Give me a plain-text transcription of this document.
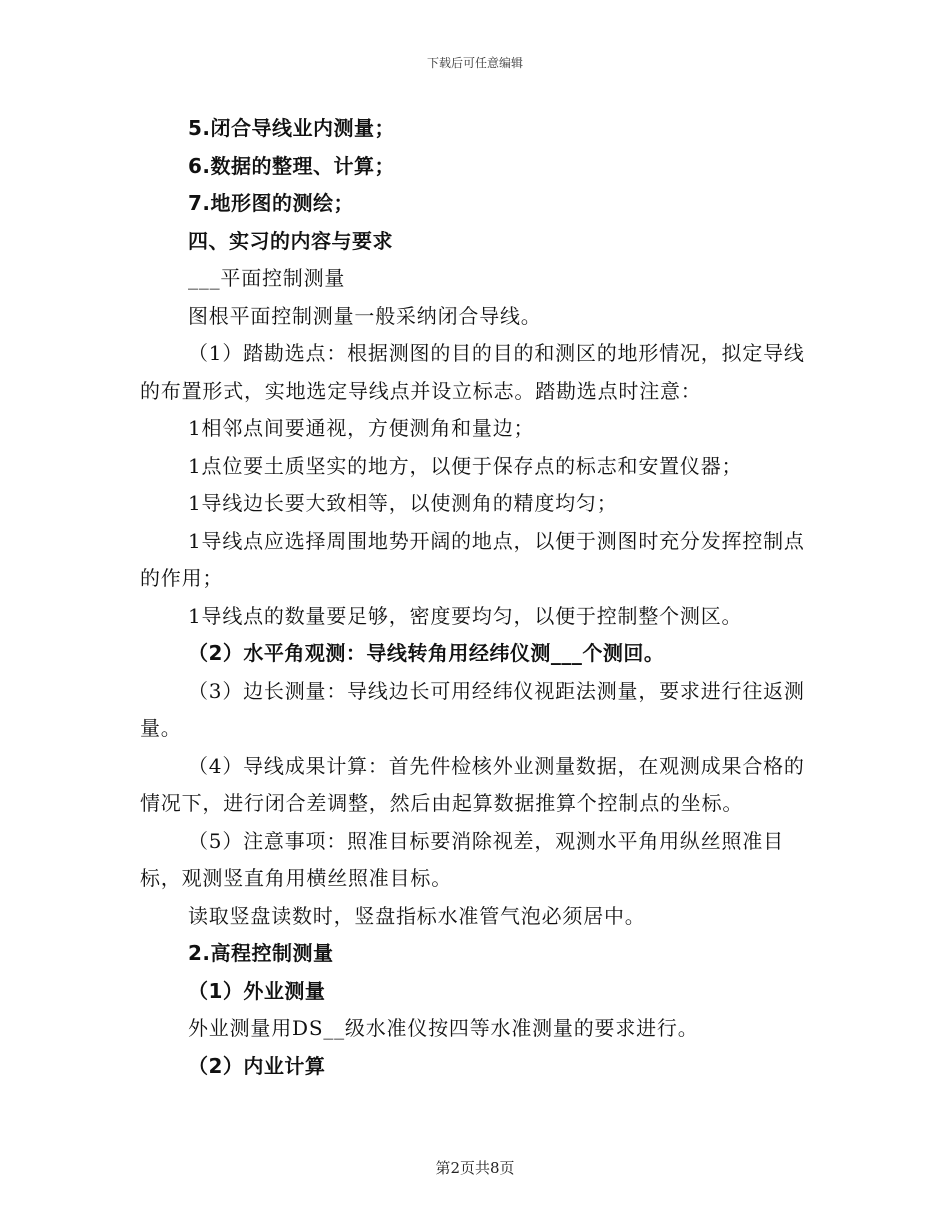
下载后可任意编辑

5.闭合导线业内测量；

6.数据的整理、计算；

7.地形图的测绘；

四、实习的内容与要求

___平面控制测量

图根平面控制测量一般采纳闭合导线。

（1）踏勘选点：根据测图的目的目的和测区的地形情况，拟定导线的布置形式，实地选定导线点并设立标志。踏勘选点时注意：

1相邻点间要通视，方便测角和量边；

1点位要土质坚实的地方，以便于保存点的标志和安置仪器；

1导线边长要大致相等，以使测角的精度均匀；

1导线点应选择周围地势开阔的地点，以便于测图时充分发挥控制点的作用；

1导线点的数量要足够，密度要均匀，以便于控制整个测区。

（2）水平角观测：导线转角用经纬仪测___个测回。

（3）边长测量：导线边长可用经纬仪视距法测量，要求进行往返测量。

（4）导线成果计算：首先件检核外业测量数据，在观测成果合格的情况下，进行闭合差调整，然后由起算数据推算个控制点的坐标。

（5）注意事项：照准目标要消除视差，观测水平角用纵丝照准目标，观测竖直角用横丝照准目标。

读取竖盘读数时，竖盘指标水准管气泡必须居中。

2.高程控制测量

（1）外业测量

外业测量用DS__级水准仪按四等水准测量的要求进行。

（2）内业计算

第2页共8页
